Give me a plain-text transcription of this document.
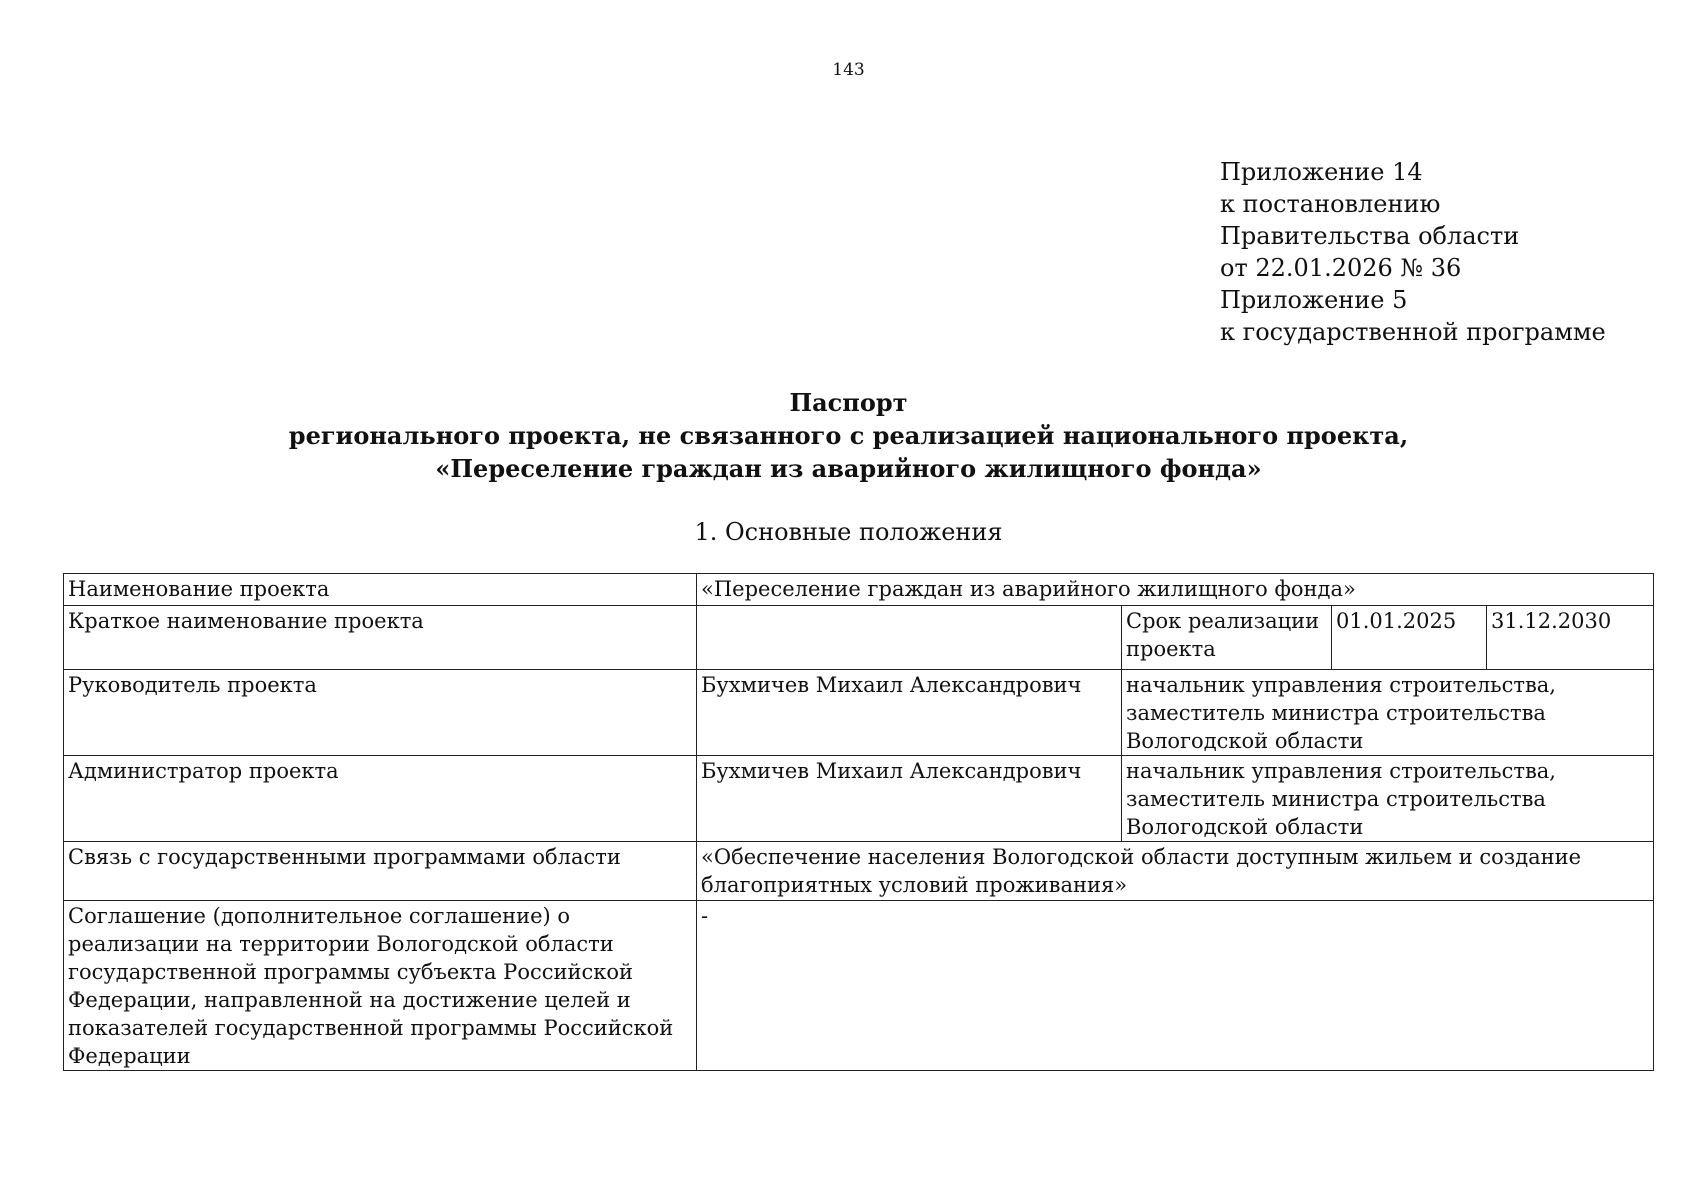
143
Приложение 14
к постановлению
Правительства области
от 22.01.2026 № 36
Приложение 5
к государственной программе
Паспорт
регионального проекта, не связанного с реализацией национального проекта,
«Переселение граждан из аварийного жилищного фонда»
1. Основные положения
Наименование проекта	«Переселение граждан из аварийного жилищного фонда»			
Краткое наименование проекта		Срок реализации проекта	01.01.2025	31.12.2030
Руководитель проекта	Бухмичев Михаил Александрович	начальник управления строительства, заместитель министра строительства Вологодской области		
Администратор проекта	Бухмичев Михаил Александрович	начальник управления строительства, заместитель министра строительства Вологодской области		
Связь с государственными программами области	«Обеспечение населения Вологодской области доступным жильем и создание благоприятных условий проживания»			
Соглашение (дополнительное соглашение) о реализации на территории Вологодской области государственной программы субъекта Российской Федерации, направленной на достижение целей и показателей государственной программы Российской Федерации	-			
